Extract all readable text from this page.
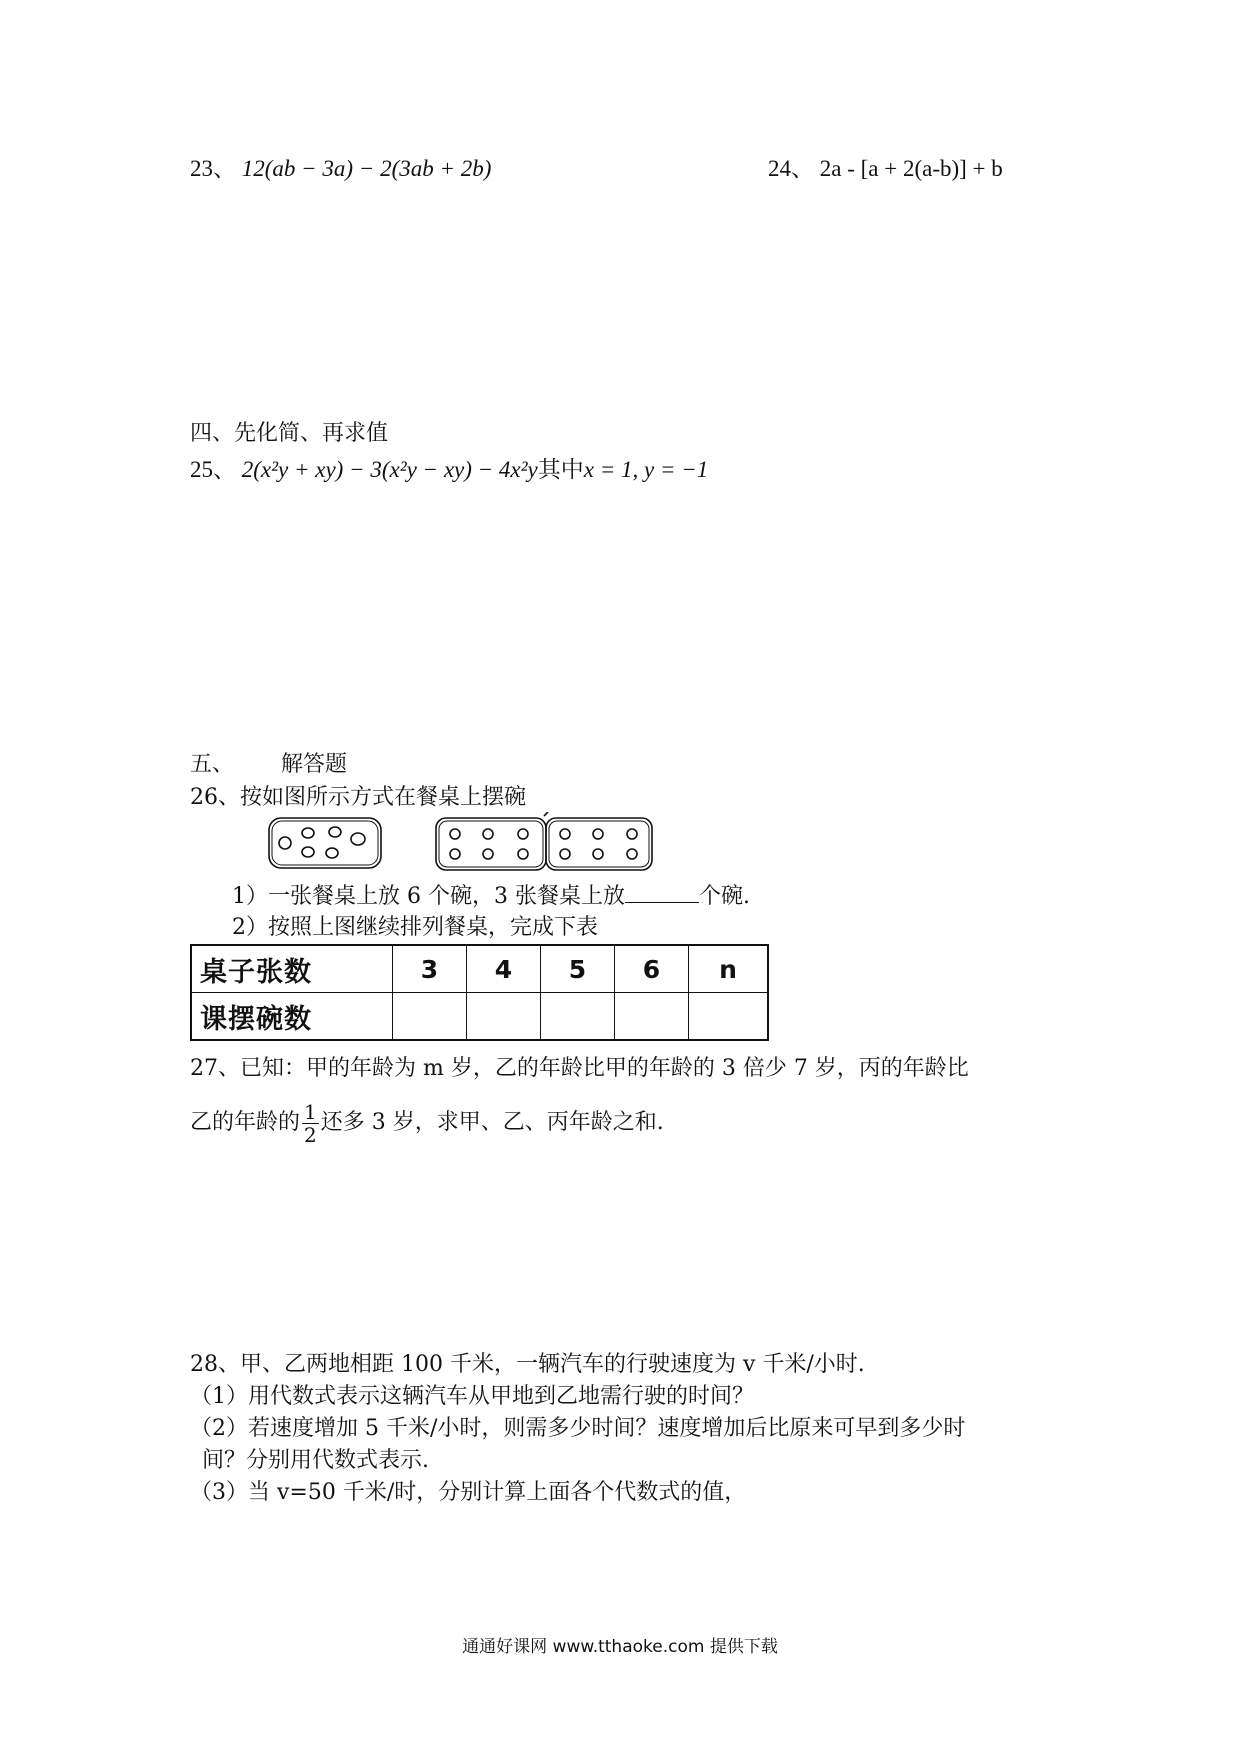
23、 12(ab − 3a) − 2(3ab + 2b)	24、 2a - [a + 2(a-b)] + b
四、先化简、再求值
25、 2(x²y + xy) − 3(x²y − xy) − 4x²y其中x = 1, y = −1
五、 解答题
26、按如图所示方式在餐桌上摆碗
1）一张餐桌上放 6 个碗，3 张餐桌上放	个碗.
2）按照上图继续排列餐桌，完成下表
桌子张数	3	4	5	6	n
课摆碗数					
27、已知：甲的年龄为 m 岁，乙的年龄比甲的年龄的 3 倍少 7 岁，丙的年龄比
乙的年龄的 $\frac{1}{2}$ 还多 3 岁，求甲、乙、丙年龄之和.
28、甲、乙两地相距 100 千米，一辆汽车的行驶速度为 v 千米/小时.
（1）用代数式表示这辆汽车从甲地到乙地需行驶的时间？
（2）若速度增加 5 千米/小时，则需多少时间？速度增加后比原来可早到多少时
间？分别用代数式表示.
（3）当 v=50 千米/时，分别计算上面各个代数式的值，
通通好课网 www.tthaoke.com 提供下载
